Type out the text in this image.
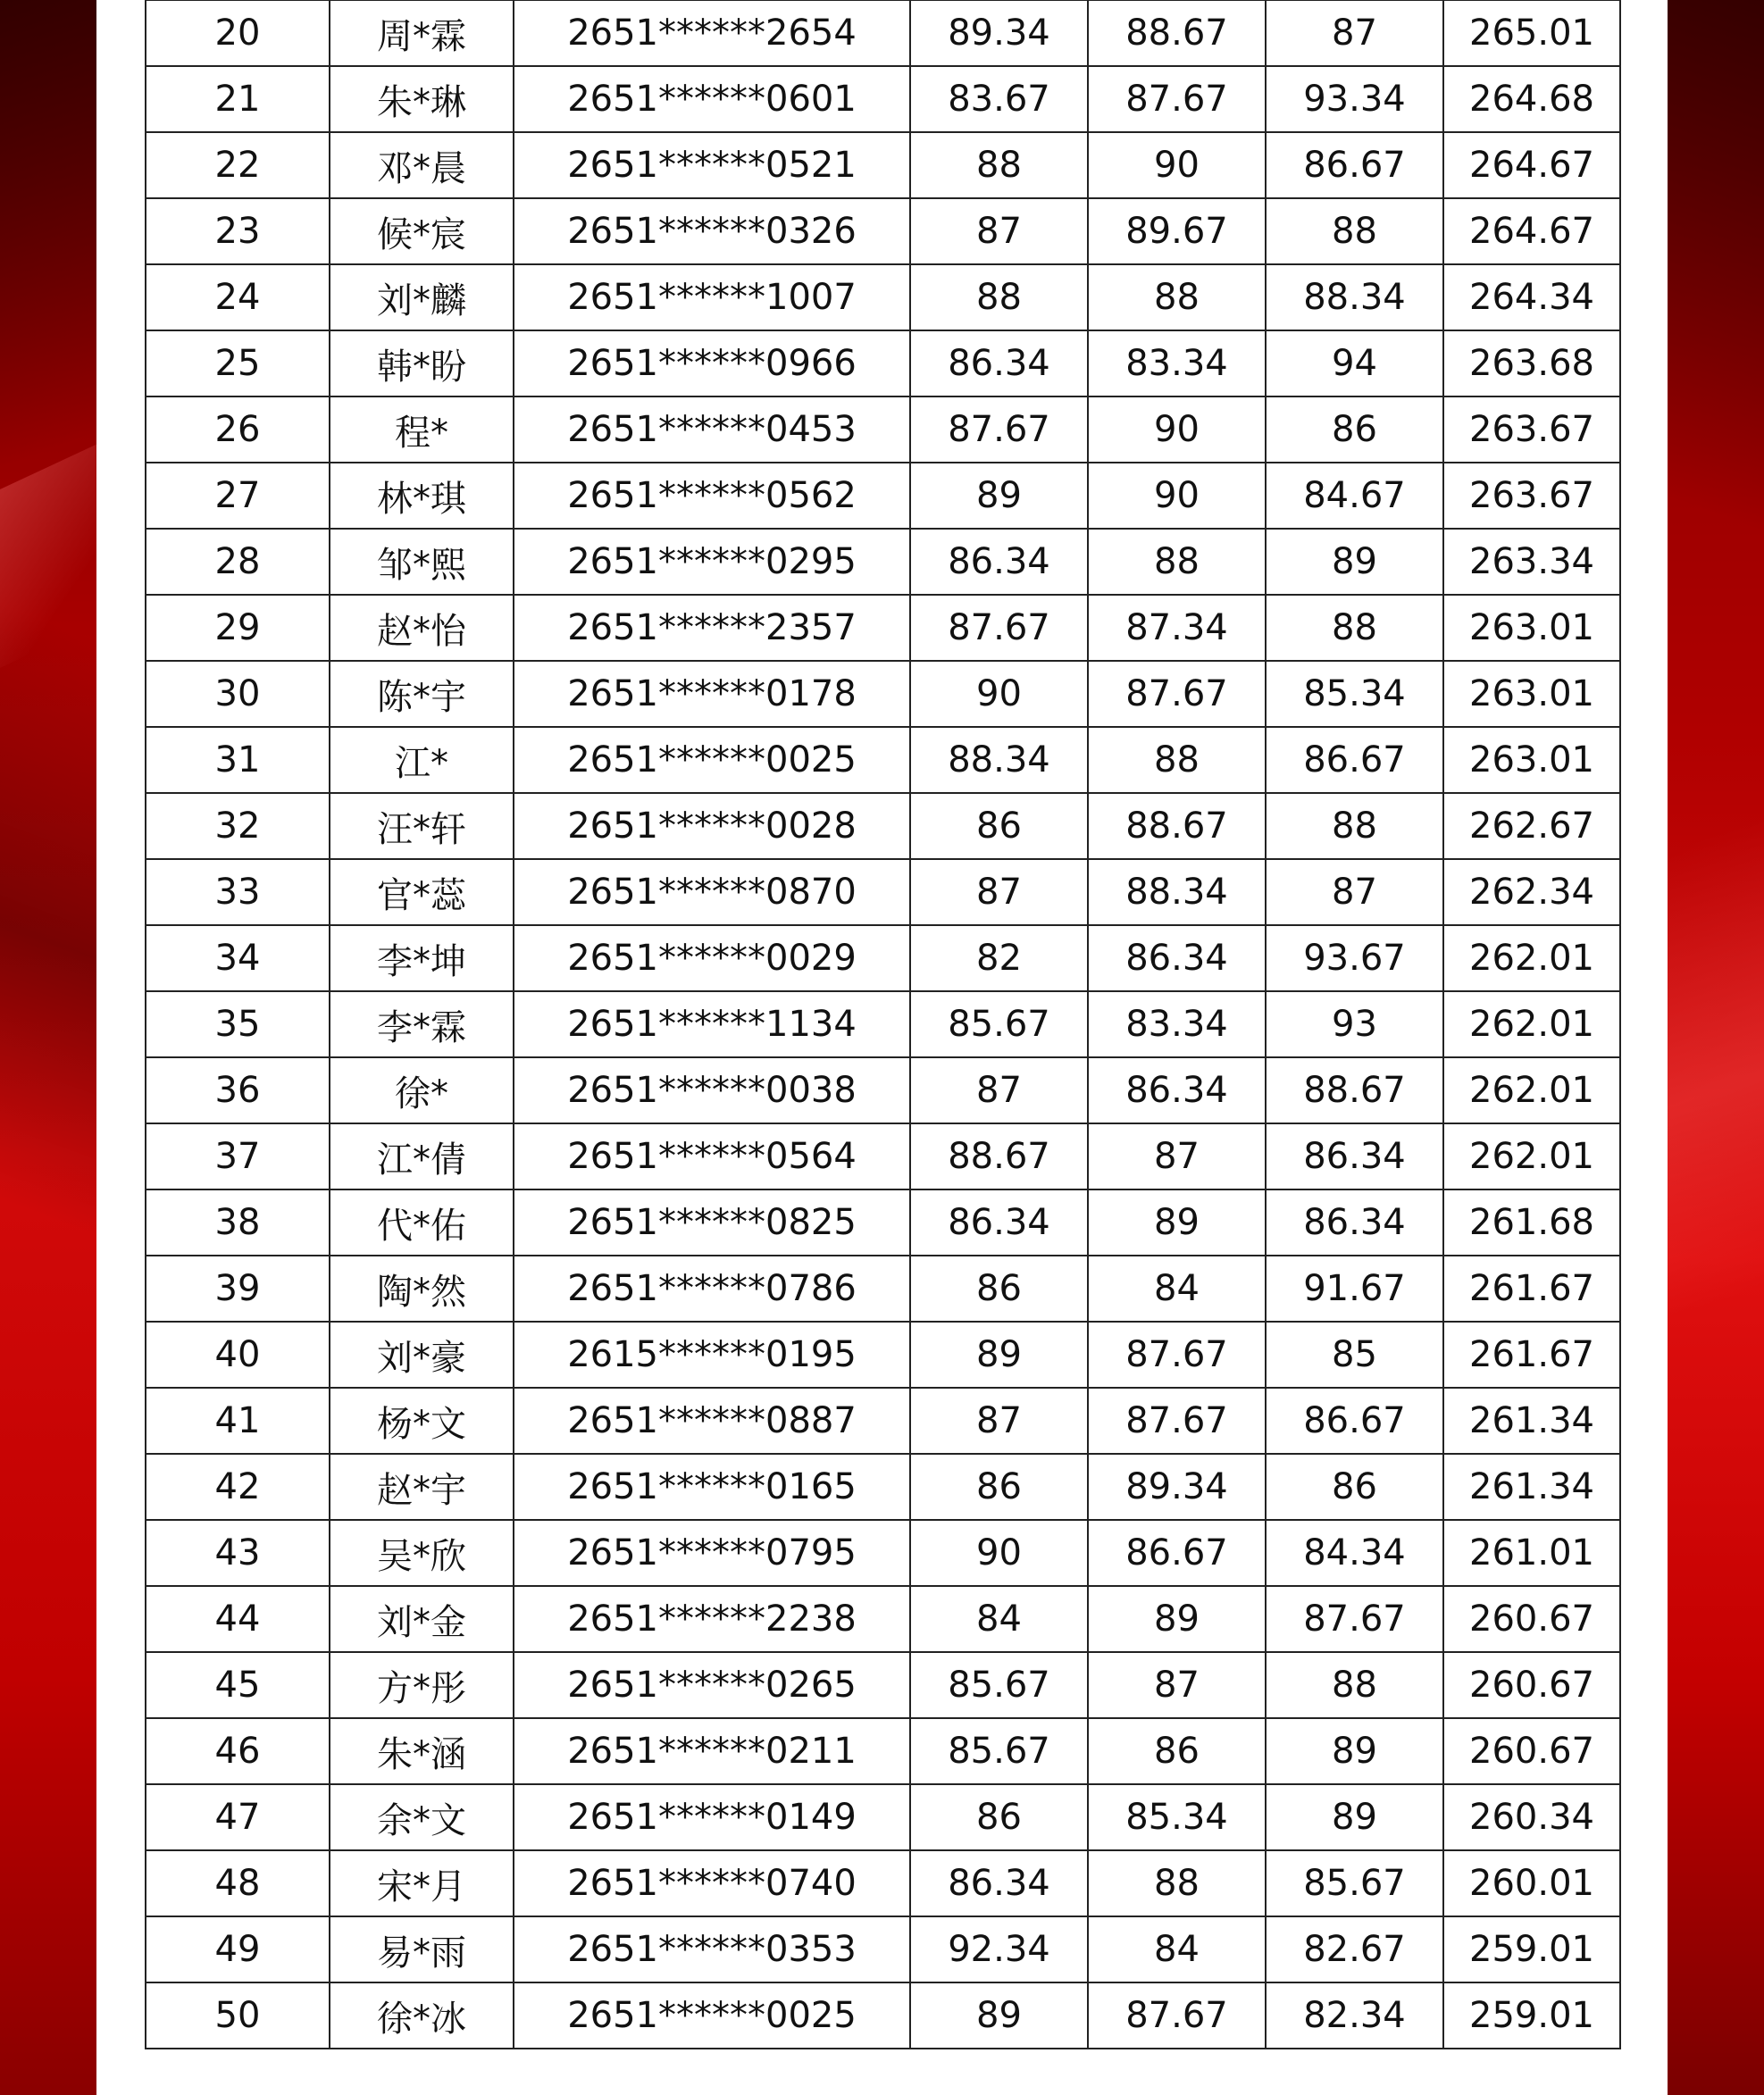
20	周*霖	2651******2654	89.34	88.67	87	265.01
21	朱*琳	2651******0601	83.67	87.67	93.34	264.68
22	邓*晨	2651******0521	88	90	86.67	264.67
23	候*宸	2651******0326	87	89.67	88	264.67
24	刘*麟	2651******1007	88	88	88.34	264.34
25	韩*盼	2651******0966	86.34	83.34	94	263.68
26	程*	2651******0453	87.67	90	86	263.67
27	林*琪	2651******0562	89	90	84.67	263.67
28	邹*熙	2651******0295	86.34	88	89	263.34
29	赵*怡	2651******2357	87.67	87.34	88	263.01
30	陈*宇	2651******0178	90	87.67	85.34	263.01
31	江*	2651******0025	88.34	88	86.67	263.01
32	汪*轩	2651******0028	86	88.67	88	262.67
33	官*蕊	2651******0870	87	88.34	87	262.34
34	李*坤	2651******0029	82	86.34	93.67	262.01
35	李*霖	2651******1134	85.67	83.34	93	262.01
36	徐*	2651******0038	87	86.34	88.67	262.01
37	江*倩	2651******0564	88.67	87	86.34	262.01
38	代*佑	2651******0825	86.34	89	86.34	261.68
39	陶*然	2651******0786	86	84	91.67	261.67
40	刘*豪	2615******0195	89	87.67	85	261.67
41	杨*文	2651******0887	87	87.67	86.67	261.34
42	赵*宇	2651******0165	86	89.34	86	261.34
43	吴*欣	2651******0795	90	86.67	84.34	261.01
44	刘*金	2651******2238	84	89	87.67	260.67
45	方*彤	2651******0265	85.67	87	88	260.67
46	朱*涵	2651******0211	85.67	86	89	260.67
47	余*文	2651******0149	86	85.34	89	260.34
48	宋*月	2651******0740	86.34	88	85.67	260.01
49	易*雨	2651******0353	92.34	84	82.67	259.01
50	徐*冰	2651******0025	89	87.67	82.34	259.01
